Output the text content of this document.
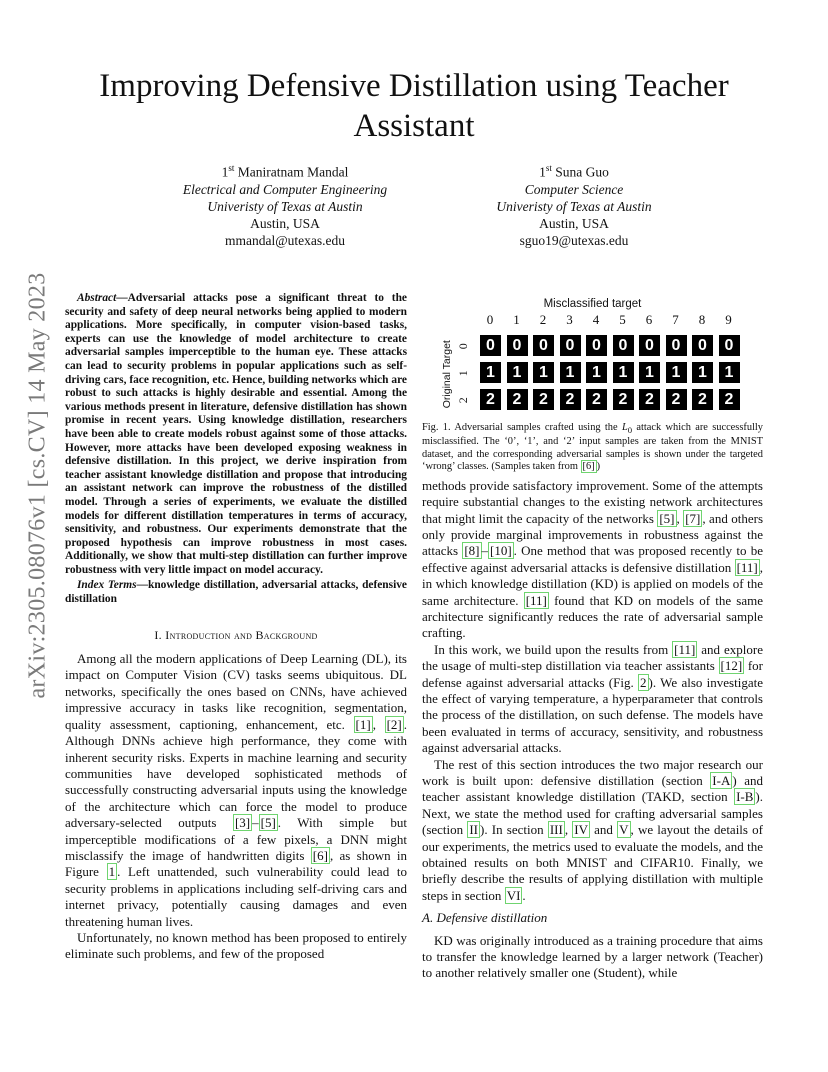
arXiv:2305.08076v1 [cs.CV] 14 May 2023
Improving Defensive Distillation using Teacher Assistant
1st Maniratnam Mandal
Electrical and Computer Engineering
Univeristy of Texas at Austin
Austin, USA
mmandal@utexas.edu
1st Suna Guo
Computer Science
Univeristy of Texas at Austin
Austin, USA
sguo19@utexas.edu

Abstract—Adversarial attacks pose a significant threat to the security and safety of deep neural networks being applied to modern applications. More specifically, in computer vision-based tasks, experts can use the knowledge of model architecture to create adversarial samples imperceptible to the human eye. These attacks can lead to security problems in popular applications such as self-driving cars, face recognition, etc. Hence, building networks which are robust to such attacks is highly desirable and essential. Among the various methods present in literature, defensive distillation has shown promise in recent years. Using knowledge distillation, researchers have been able to create models robust against some of those attacks. However, more attacks have been developed exposing weakness in defensive distillation. In this project, we derive inspiration from teacher assistant knowledge distillation and propose that introducing an assistant network can improve the robustness of the distilled model. Through a series of experiments, we evaluate the distilled models for different distillation temperatures in terms of accuracy, sensitivity, and robustness. Our experiments demonstrate that the proposed hypothesis can improve robustness in most cases. Additionally, we show that multi-step distillation can further improve robustness with very little impact on model accuracy.

Index Terms—knowledge distillation, adversarial attacks, defensive distillation

I. Introduction and Background

Among all the modern applications of Deep Learning (DL), its impact on Computer Vision (CV) tasks seems ubiquitous. DL networks, specifically the ones based on CNNs, have achieved impressive accuracy in tasks like recognition, segmentation, quality assessment, captioning, enhancement, etc. [1] , [2] . Although DNNs achieve high performance, they come with inherent security risks. Experts in machine learning and security communities have developed sophisticated methods of successfully constructing adversarial inputs using the knowledge of the architecture which can force the model to produce adversary-selected outputs [3] – [5] . With simple but imperceptible modifications of a few pixels, a DNN might misclassify the image of handwritten digits [6] , as shown in Figure 1 . Left unattended, such vulnerability could lead to security problems in applications including self-driving cars and internet privacy, potentially causing damages and even threatening human lives.

Unfortunately, no known method has been proposed to entirely eliminate such problems, and few of the proposed

Misclassified target
0	1	2	3	4	5	6	7	8	9
Original Target 0	0	0	0	0	0	0	0	0	0	0
1	1	1	1	1	1	1	1	1	1	1
2	2	2	2	2	2	2	2	2	2	2

Fig. 1. Adversarial samples crafted using the $L_0$ attack which are successfully misclassified. The ‘0’, ‘1’, and ‘2’ input samples are taken from the MNIST dataset, and the corresponding adversarial samples is shown under the targeted ‘wrong’ classes. (Samples taken from [6] )

methods provide satisfactory improvement. Some of the attempts require substantial changes to the existing network architectures that might limit the capacity of the networks [5] , [7] , and others only provide marginal improvements in robustness against the attacks [8] – [10] . One method that was proposed recently to be effective against adversarial attacks is defensive distillation [11] , in which knowledge distillation (KD) is applied on models of the same architecture. [11] found that KD on models of the same architecture significantly reduces the rate of adversarial sample crafting.

In this work, we build upon the results from [11] and explore the usage of multi-step distillation via teacher assistants [12] for defense against adversarial attacks (Fig. 2 ). We also investigate the effect of varying temperature, a hyperparameter that controls the process of the distillation, on such defense. The models have been evaluated in terms of accuracy, sensitivity, and robustness against adversarial attacks.

The rest of this section introduces the two major research our work is built upon: defensive distillation (section I-A ) and teacher assistant knowledge distillation (TAKD, section I-B ). Next, we state the method used for crafting adversarial samples (section II ). In section III , IV and V , we layout the details of our experiments, the metrics used to evaluate the models, and the obtained results on both MNIST and CIFAR10. Finally, we briefly describe the results of applying distillation with multiple steps in section VI .

A. Defensive distillation

KD was originally introduced as a training procedure that aims to transfer the knowledge learned by a larger network (Teacher) to another relatively smaller one (Student), while
